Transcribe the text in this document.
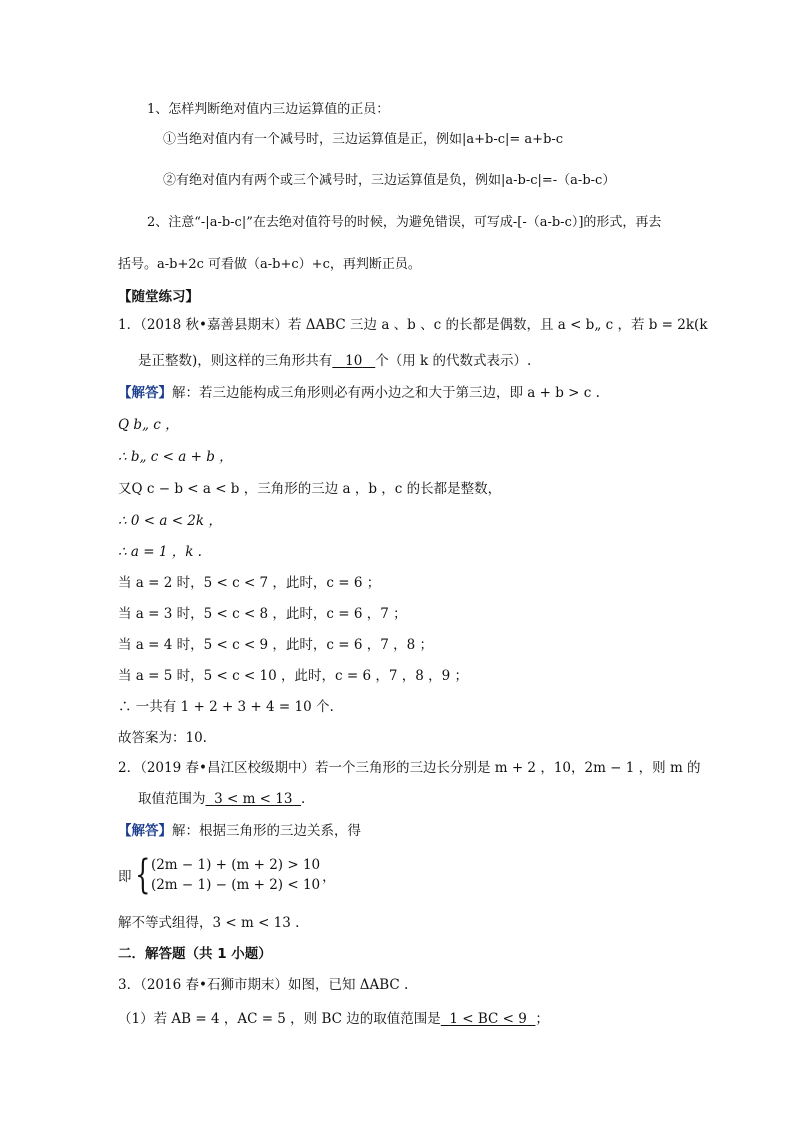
1、怎样判断绝对值内三边运算值的正员：
①当绝对值内有一个减号时，三边运算值是正，例如|a+b-c|= a+b-c
②有绝对值内有两个或三个减号时，三边运算值是负，例如|a-b-c|=-（a-b-c）
2、注意“-|a-b-c|”在去绝对值符号的时候，为避免错误，可写成-[-（a-b-c）]的形式，再去
括号。a-b+2c 可看做（a-b+c）+c，再判断正员。
【随堂练习】
1．（2018 秋•嘉善县期末）若 ΔABC 三边 a 、b 、c 的长都是偶数，且 a < b„ c ，若 b = 2k(k
是正整数)，则这样的三角形共有 10 个（用 k 的代数式表示）.
【解答】解：若三边能构成三角形则必有两小边之和大于第三边，即 a + b > c .
Q b„ c ，
∴ b„ c < a + b ，
又Q c − b < a < b ，三角形的三边 a ，b ，c 的长都是整数，
∴ 0 < a < 2k ，
∴ a = 1 ，k .
当 a = 2 时，5 < c < 7 ，此时，c = 6 ；
当 a = 3 时，5 < c < 8 ，此时，c = 6 ，7 ；
当 a = 4 时，5 < c < 9 ，此时，c = 6 ，7 ，8 ；
当 a = 5 时，5 < c < 10 ，此时，c = 6 ，7 ，8 ，9 ；
∴ 一共有 1 + 2 + 3 + 4 = 10 个.
故答案为：10.
2．（2019 春•昌江区校级期中）若一个三角形的三边长分别是 m + 2 ，10，2m − 1 ，则 m 的
取值范围为 3 < m < 13 .
【解答】解：根据三角形的三边关系，得
即 { (2m − 1) + (m + 2) > 10
(2m − 1) − (m + 2) < 10 ，
解不等式组得，3 < m < 13 .
二．解答题（共 1 小题）
3．（2016 春•石狮市期末）如图，已知 ΔABC .
（1）若 AB = 4 ，AC = 5 ，则 BC 边的取值范围是 1 < BC < 9 ；
